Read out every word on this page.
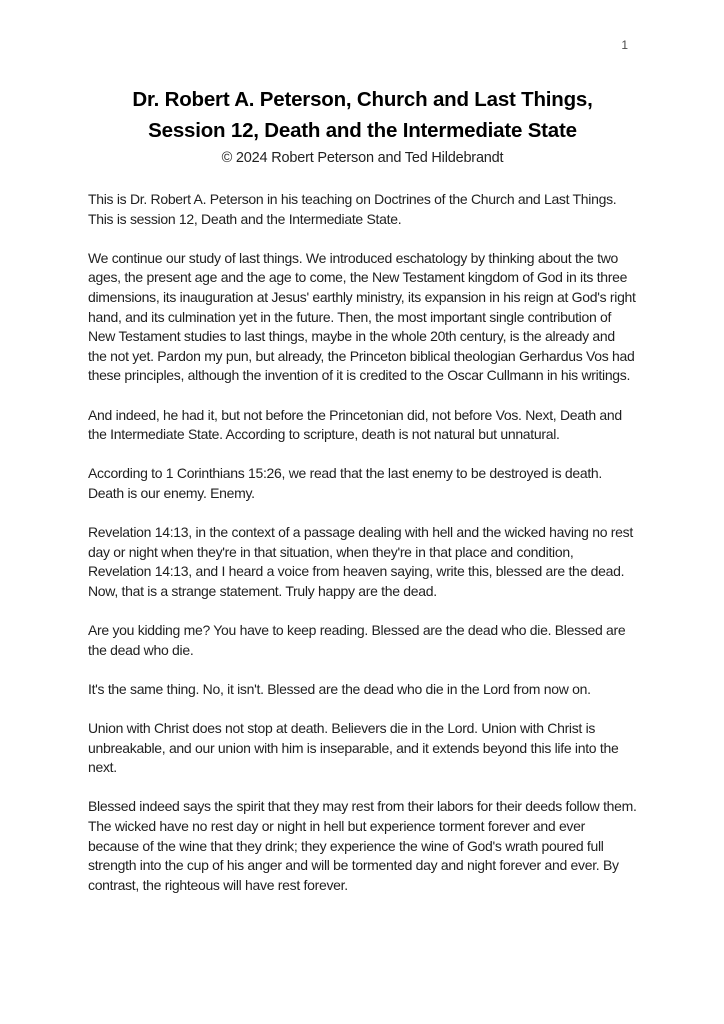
1
Dr. Robert A. Peterson, Church and Last Things,
Session 12, Death and the Intermediate State
© 2024 Robert Peterson and Ted Hildebrandt

This is Dr. Robert A. Peterson in his teaching on Doctrines of the Church and Last Things. This is session 12, Death and the Intermediate State.

We continue our study of last things. We introduced eschatology by thinking about the two ages, the present age and the age to come, the New Testament kingdom of God in its three dimensions, its inauguration at Jesus' earthly ministry, its expansion in his reign at God's right hand, and its culmination yet in the future. Then, the most important single contribution of New Testament studies to last things, maybe in the whole 20th century, is the already and the not yet. Pardon my pun, but already, the Princeton biblical theologian Gerhardus Vos had these principles, although the invention of it is credited to the Oscar Cullmann in his writings.

And indeed, he had it, but not before the Princetonian did, not before Vos. Next, Death and the Intermediate State. According to scripture, death is not natural but unnatural.

According to 1 Corinthians 15:26, we read that the last enemy to be destroyed is death. Death is our enemy. Enemy.

Revelation 14:13, in the context of a passage dealing with hell and the wicked having no rest day or night when they're in that situation, when they're in that place and condition, Revelation 14:13, and I heard a voice from heaven saying, write this, blessed are the dead. Now, that is a strange statement. Truly happy are the dead.

Are you kidding me? You have to keep reading. Blessed are the dead who die. Blessed are the dead who die.

It's the same thing. No, it isn't. Blessed are the dead who die in the Lord from now on.

Union with Christ does not stop at death. Believers die in the Lord. Union with Christ is unbreakable, and our union with him is inseparable, and it extends beyond this life into the next.

Blessed indeed says the spirit that they may rest from their labors for their deeds follow them. The wicked have no rest day or night in hell but experience torment forever and ever because of the wine that they drink; they experience the wine of God's wrath poured full strength into the cup of his anger and will be tormented day and night forever and ever. By contrast, the righteous will have rest forever.
